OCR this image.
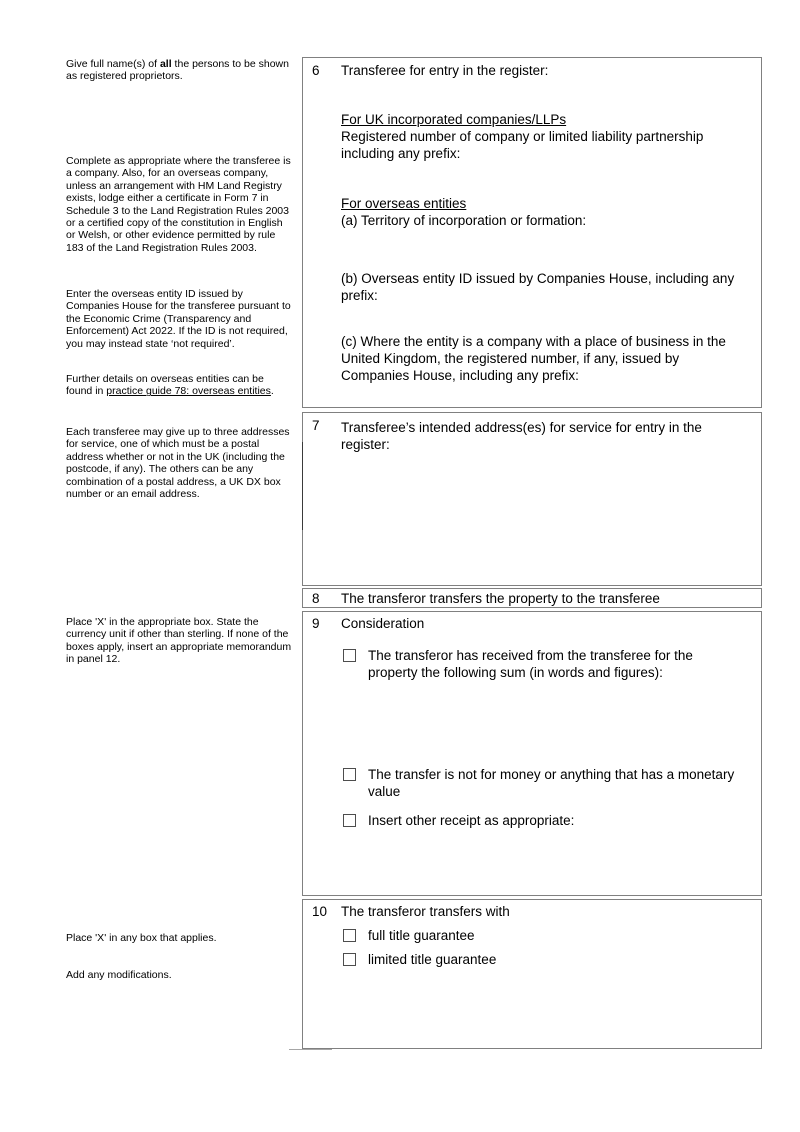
Give full name(s) of all the persons to be shown as registered proprietors.
Complete as appropriate where the transferee is a company. Also, for an overseas company, unless an arrangement with HM Land Registry exists, lodge either a certificate in Form 7 in Schedule 3 to the Land Registration Rules 2003 or a certified copy of the constitution in English or Welsh, or other evidence permitted by rule 183 of the Land Registration Rules 2003.
Enter the overseas entity ID issued by Companies House for the transferee pursuant to the Economic Crime (Transparency and Enforcement) Act 2022. If the ID is not required, you may instead state ‘not required’.
Further details on overseas entities can be found in practice guide 78: overseas entities.
Each transferee may give up to three addresses for service, one of which must be a postal address whether or not in the UK (including the postcode, if any). The others can be any combination of a postal address, a UK DX box number or an email address.
Place 'X' in the appropriate box. State the currency unit if other than sterling. If none of the boxes apply, insert an appropriate memorandum in panel 12.
Place 'X' in any box that applies.
Add any modifications.
6	Transferee for entry in the register:

For UK incorporated companies/LLPs

Registered number of company or limited liability partnership including any prefix:

For overseas entities

(a) Territory of incorporation or formation:

(b) Overseas entity ID issued by Companies House, including any prefix:

(c) Where the entity is a company with a place of business in the United Kingdom, the registered number, if any, issued by Companies House, including any prefix:

7	Transferee’s intended address(es) for service for entry in the register:

8	The transferor transfers the property to the transferee

9	Consideration

The transferor has received from the transferee for the property the following sum (in words and figures):
The transfer is not for money or anything that has a monetary value
Insert other receipt as appropriate:
10	The transferor transfers with

full title guarantee
limited title guarantee
